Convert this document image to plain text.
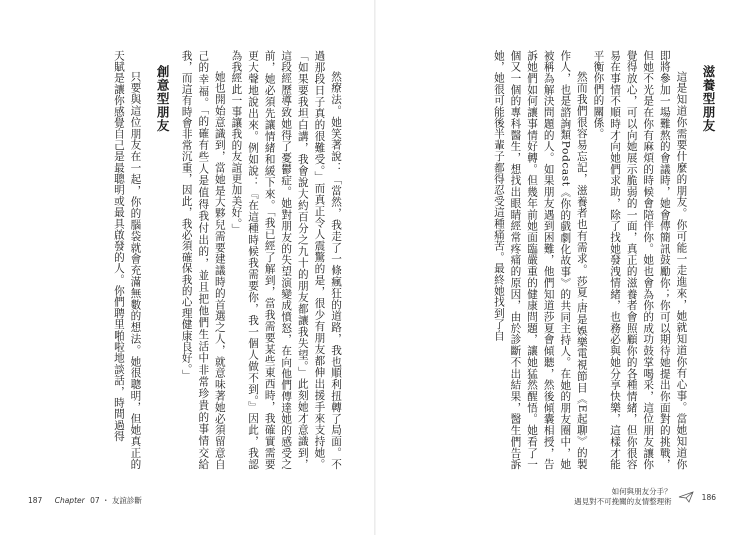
然療法。她笑著說：「當然，我走了一條瘋狂的道路，我也順利扭轉了局面。不過那段日子真的很難受。」而真正令人震驚的是，很少有朋友都伸出援手來支持她。「如果要我坦白講，我會說大約百分之九十的朋友都讓我失望。」此刻她才意識到，這段經歷導致她得了憂鬱症。她對朋友的失望演變成憤怒，在向他們傳達她的感受之前，她必須先讓情緒和緩下來。「我已經了解到，當我需要某些東西時，我確實需要更大聲地說出來。例如說：『在這種時候我需要你，我一個人做不到。』因此，我認為我經此一事讓我的友誼更加美好。」

她也開始意識到，當她是大夥兒需要建議時的首選之人，就意味著她必須留意自己的幸福。「的確有些人是值得我付出的，並且把他們生活中非常珍貴的事情交給我，而這有時會非常沉重，因此，我必須確保我的心理健康良好。」

創意型朋友

只要與這位朋友在一起，你的腦袋就會充滿無數的想法。她很聰明，但她真正的天賦是讓你感覺自己是最聰明或最具啟發的人。你們聘里啪啦地談話，時間過得

187 Chapter 07 ・ 友誼診斷
滋養型朋友

這是知道你需要什麼的朋友。你可能一走進來，她就知道你有心事。當她知道你即將參加一場難熬的會議時，她會傳簡訊鼓勵你；你可以期待她提出你面對的挑戰，但她不光是在你有麻煩的時候會陪伴你。她也會為你的成功鼓掌喝采，這位朋友讓你覺得放心，可以向她展示脆弱的一面，真正的滋養者會照顧你的各種情緒，但你很容易在事情不順時才向她們求助，除了找她發洩情緒，也務必與她分享快樂，這樣才能平衡你們的關係。

然而我們很容易忘記，滋養者也有需求。莎夏·唐是娛樂電視節目《E起聊》的製作人，也是諮詢類Podcast《你的戲劇化故事》的共同主持人。在她的朋友圈中，她被稱為解決問題的人。如果朋友遇到困難，他們知道莎夏會傾聽，然後傾囊相授，告訴她們如何讓事情好轉。但幾年前她面臨嚴重的健康問題，讓她猛然醒悟。她看了一個又一個的專科醫生，想找出眼睛經常疼痛的原因，由於診斷不出結果，醫生們告訴她，她很可能後半輩子都得忍受這種痛苦。最終她找到了自

如何與朋友分手？
遇見對不可挽關的友情整理術	186
